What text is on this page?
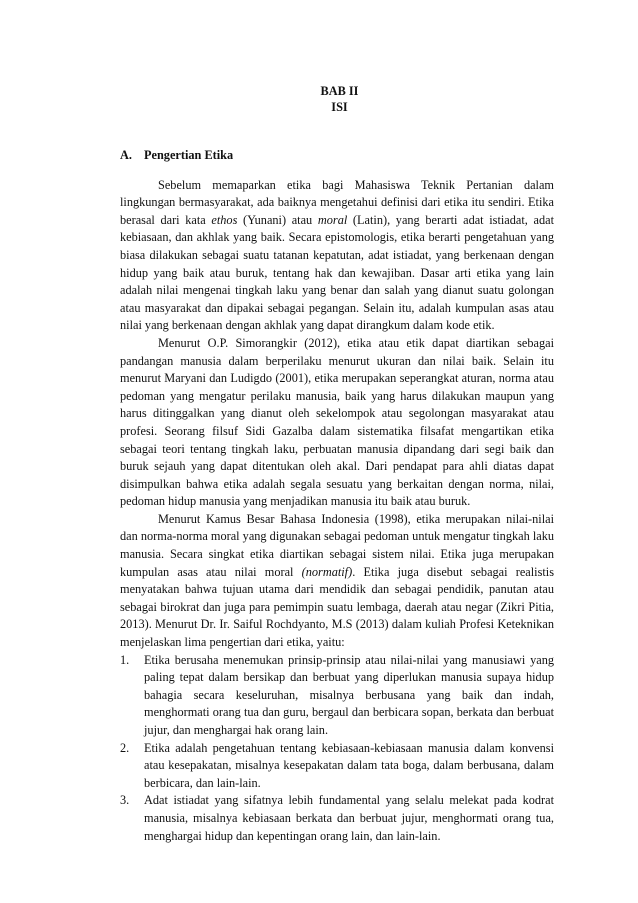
BAB II
ISI
A. Pengertian Etika

Sebelum memaparkan etika bagi Mahasiswa Teknik Pertanian dalam lingkungan bermasyarakat, ada baiknya mengetahui definisi dari etika itu sendiri. Etika berasal dari kata ethos (Yunani) atau moral (Latin), yang berarti adat istiadat, adat kebiasaan, dan akhlak yang baik. Secara epistomologis, etika berarti pengetahuan yang biasa dilakukan sebagai suatu tatanan kepatutan, adat istiadat, yang berkenaan dengan hidup yang baik atau buruk, tentang hak dan kewajiban. Dasar arti etika yang lain adalah nilai mengenai tingkah laku yang benar dan salah yang dianut suatu golongan atau masyarakat dan dipakai sebagai pegangan. Selain itu, adalah kumpulan asas atau nilai yang berkenaan dengan akhlak yang dapat dirangkum dalam kode etik.

Menurut O.P. Simorangkir (2012), etika atau etik dapat diartikan sebagai pandangan manusia dalam berperilaku menurut ukuran dan nilai baik. Selain itu menurut Maryani dan Ludigdo (2001), etika merupakan seperangkat aturan, norma atau pedoman yang mengatur perilaku manusia, baik yang harus dilakukan maupun yang harus ditinggalkan yang dianut oleh sekelompok atau segolongan masyarakat atau profesi. Seorang filsuf Sidi Gazalba dalam sistematika filsafat mengartikan etika sebagai teori tentang tingkah laku, perbuatan manusia dipandang dari segi baik dan buruk sejauh yang dapat ditentukan oleh akal. Dari pendapat para ahli diatas dapat disimpulkan bahwa etika adalah segala sesuatu yang berkaitan dengan norma, nilai, pedoman hidup manusia yang menjadikan manusia itu baik atau buruk.

Menurut Kamus Besar Bahasa Indonesia (1998), etika merupakan nilai-nilai dan norma-norma moral yang digunakan sebagai pedoman untuk mengatur tingkah laku manusia. Secara singkat etika diartikan sebagai sistem nilai. Etika juga merupakan kumpulan asas atau nilai moral (normatif). Etika juga disebut sebagai realistis menyatakan bahwa tujuan utama dari mendidik dan sebagai pendidik, panutan atau sebagai birokrat dan juga para pemimpin suatu lembaga, daerah atau negar (Zikri Pitia, 2013). Menurut Dr. Ir. Saiful Rochdyanto, M.S (2013) dalam kuliah Profesi Keteknikan menjelaskan lima pengertian dari etika, yaitu:

1.	Etika berusaha menemukan prinsip-prinsip atau nilai-nilai yang manusiawi yang paling tepat dalam bersikap dan berbuat yang diperlukan manusia supaya hidup bahagia secara keseluruhan, misalnya berbusana yang baik dan indah, menghormati orang tua dan guru, bergaul dan berbicara sopan, berkata dan berbuat jujur, dan menghargai hak orang lain.
2.	Etika adalah pengetahuan tentang kebiasaan-kebiasaan manusia dalam konvensi atau kesepakatan, misalnya kesepakatan dalam tata boga, dalam berbusana, dalam berbicara, dan lain-lain.
3.	Adat istiadat yang sifatnya lebih fundamental yang selalu melekat pada kodrat manusia, misalnya kebiasaan berkata dan berbuat jujur, menghormati orang tua, menghargai hidup dan kepentingan orang lain, dan lain-lain.
